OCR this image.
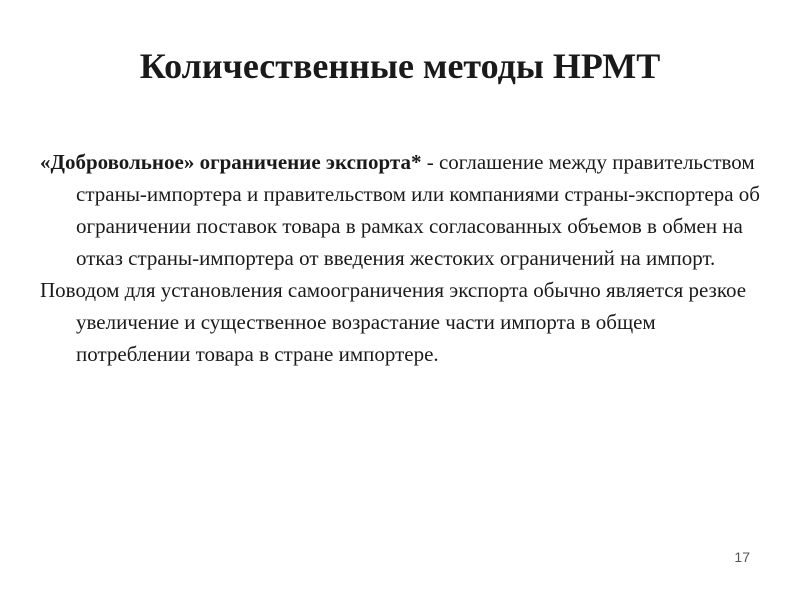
Количественные методы НРМТ

«Добровольное» ограничение экспорта* - соглашение между правительством страны-импортера и правительством или компаниями страны-экспортера об ограничении поставок товара в рамках согласованных объемов в обмен на отказ страны-импортера от введения жестоких ограничений на импорт.

Поводом для установления самоограничения экспорта обычно является резкое увеличение и существенное возрастание части импорта в общем потреблении товара в стране импортере.

17
